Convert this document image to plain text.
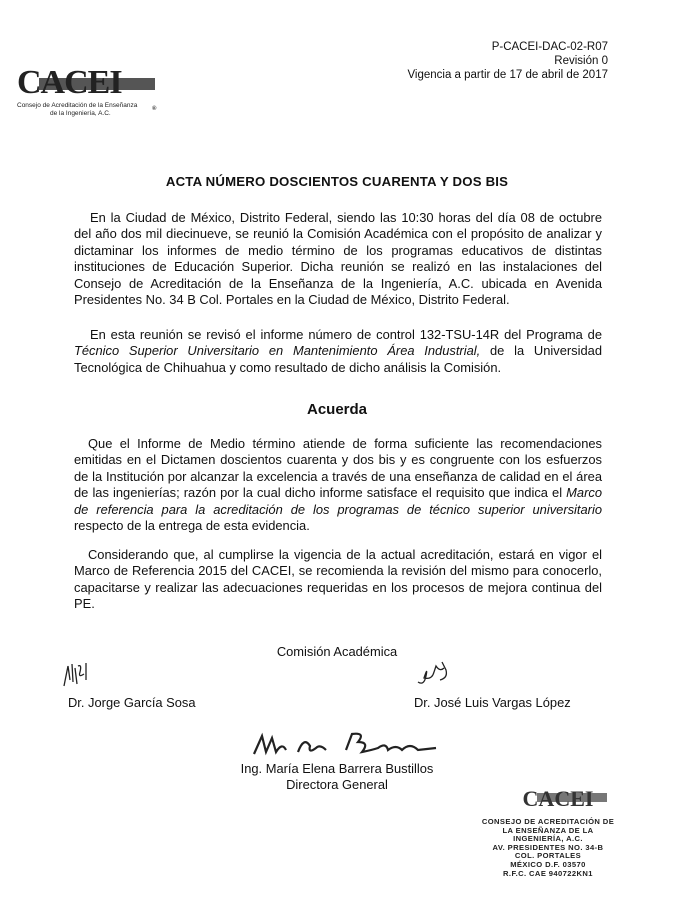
CACEI
®
Consejo de Acreditación de la Enseñanza
de la Ingeniería, A.C.
P-CACEI-DAC-02-R07
Revisión 0
Vigencia a partir de 17 de abril de 2017
ACTA NÚMERO DOSCIENTOS CUARENTA Y DOS BIS
En la Ciudad de México, Distrito Federal, siendo las 10:30 horas del día 08 de octubre del año dos mil diecinueve, se reunió la Comisión Académica con el propósito de analizar y dictaminar los informes de medio término de los programas educativos de distintas instituciones de Educación Superior. Dicha reunión se realizó en las instalaciones del Consejo de Acreditación de la Enseñanza de la Ingeniería, A.C. ubicada en Avenida Presidentes No. 34 B Col. Portales en la Ciudad de México, Distrito Federal.
En esta reunión se revisó el informe número de control 132-TSU-14R del Programa de Técnico Superior Universitario en Mantenimiento Área Industrial, de la Universidad Tecnológica de Chihuahua y como resultado de dicho análisis la Comisión.
Acuerda
Que el Informe de Medio término atiende de forma suficiente las recomendaciones emitidas en el Dictamen doscientos cuarenta y dos bis y es congruente con los esfuerzos de la Institución por alcanzar la excelencia a través de una enseñanza de calidad en el área de las ingenierías; razón por la cual dicho informe satisface el requisito que indica el Marco de referencia para la acreditación de los programas de técnico superior universitario respecto de la entrega de esta evidencia.
Considerando que, al cumplirse la vigencia de la actual acreditación, estará en vigor el Marco de Referencia 2015 del CACEI, se recomienda la revisión del mismo para conocerlo, capacitarse y realizar las adecuaciones requeridas en los procesos de mejora continua del PE.
Comisión Académica
Dr. Jorge García Sosa	Dr. José Luis Vargas López
Ing. María Elena Barrera Bustillos
Directora General
CACEI
CONSEJO DE ACREDITACIÓN DE
LA ENSEÑANZA DE LA
INGENIERÍA, A.C.
AV. PRESIDENTES NO. 34-B
COL. PORTALES
MÉXICO D.F. 03570
R.F.C. CAE 940722KN1
